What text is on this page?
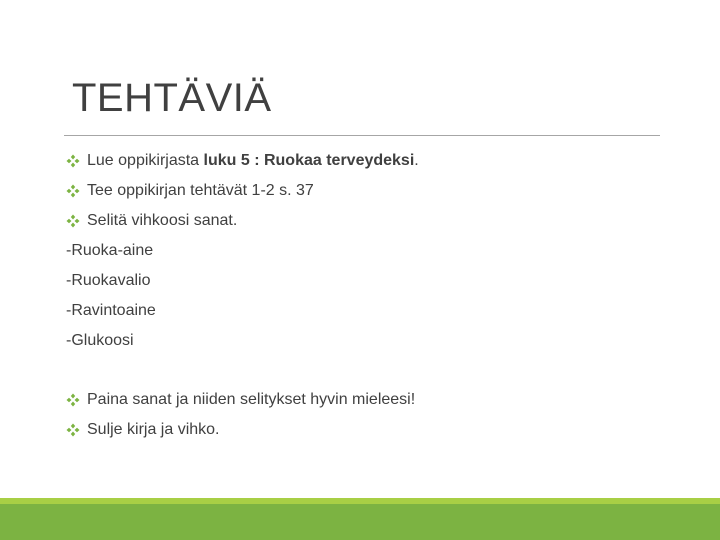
TEHTÄVIÄ
Lue oppikirjasta luku 5 : Ruokaa terveydeksi .
Tee oppikirjan tehtävät 1-2 s. 37
Selitä vihkoosi sanat.
-Ruoka-aine
-Ruokavalio
-Ravintoaine
-Glukoosi
Paina sanat ja niiden selitykset hyvin mieleesi!
Sulje kirja ja vihko.
